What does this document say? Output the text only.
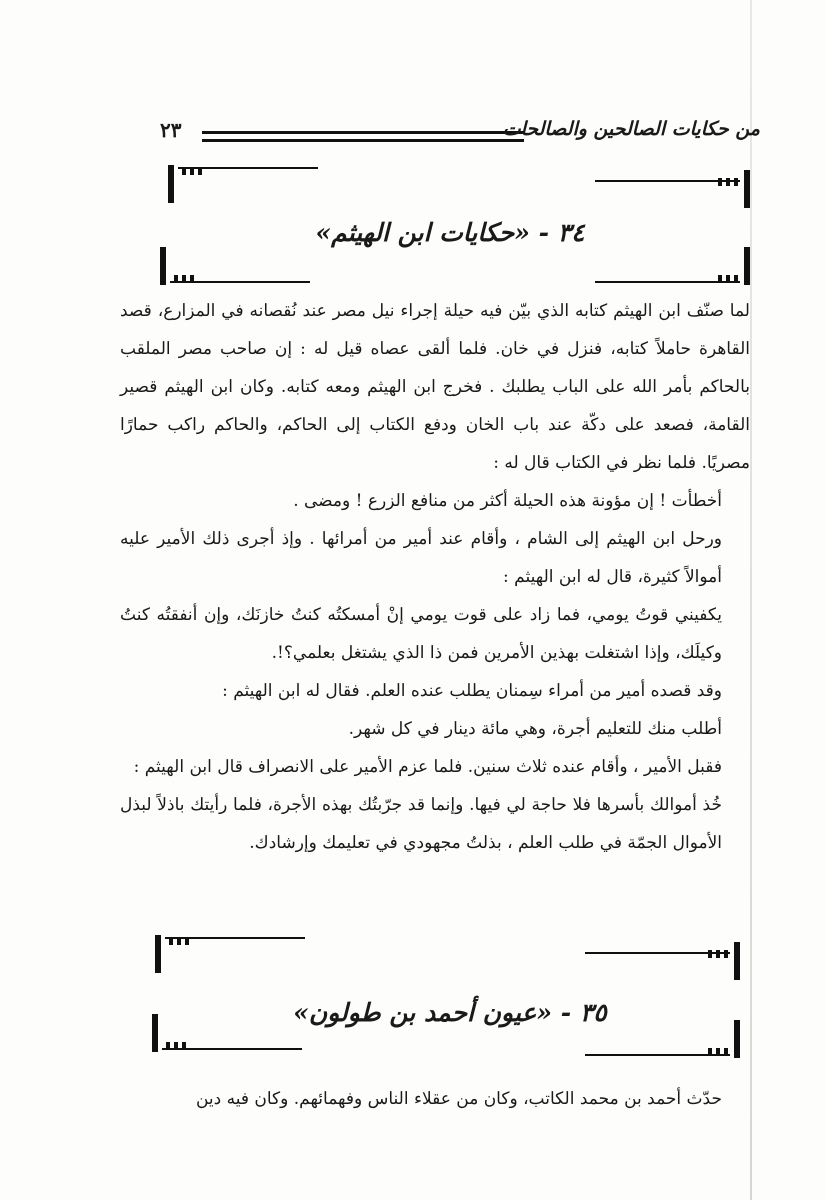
٢٣	من حكايات الصالحين والصالحات
٣٤ - «حكايات ابن الهيثم»

لما صنّف ابن الهيثم كتابه الذي بيّن فيه حيلة إجراء نيل مصر عند نُقصانه في المزارع، قصد القاهرة حاملاً كتابه، فنزل في خان. فلما ألقى عصاه قيل له : إن صاحب مصر الملقب بالحاكم بأمر الله على الباب يطلبك . فخرج ابن الهيثم ومعه كتابه. وكان ابن الهيثم قصير القامة، فصعد على دكّة عند باب الخان ودفع الكتاب إلى الحاكم، والحاكم راكب حمارًا مصريًا. فلما نظر في الكتاب قال له :

أخطأت ! إن مؤونة هذه الحيلة أكثر من منافع الزرع ! ومضى .

ورحل ابن الهيثم إلى الشام ، وأقام عند أمير من أمرائها . وإذ أجرى ذلك الأمير عليه أموالاً كثيرة، قال له ابن الهيثم :

يكفيني قوتُ يومي، فما زاد على قوت يومي إنْ أمسكتُه كنتُ خازنَك، وإن أنفقتُه كنتُ وكيلَك، وإذا اشتغلت بهذين الأمرين فمن ذا الذي يشتغل بعلمي؟!.

وقد قصده أمير من أمراء سِمنان يطلب عنده العلم. فقال له ابن الهيثم :

أطلب منك للتعليم أجرة، وهي مائة دينار في كل شهر.

فقبل الأمير ، وأقام عنده ثلاث سنين. فلما عزم الأمير على الانصراف قال ابن الهيثم :

خُذ أموالك بأسرها فلا حاجة لي فيها. وإنما قد جرّبتُك بهذه الأجرة، فلما رأيتك باذلاً لبذل الأموال الجمّة في طلب العلم ، بذلتُ مجهودي في تعليمك وإرشادك.

٣٥ - «عيون أحمد بن طولون»

حدّث أحمد بن محمد الكاتب، وكان من عقلاء الناس وفهمائهم. وكان فيه دين
